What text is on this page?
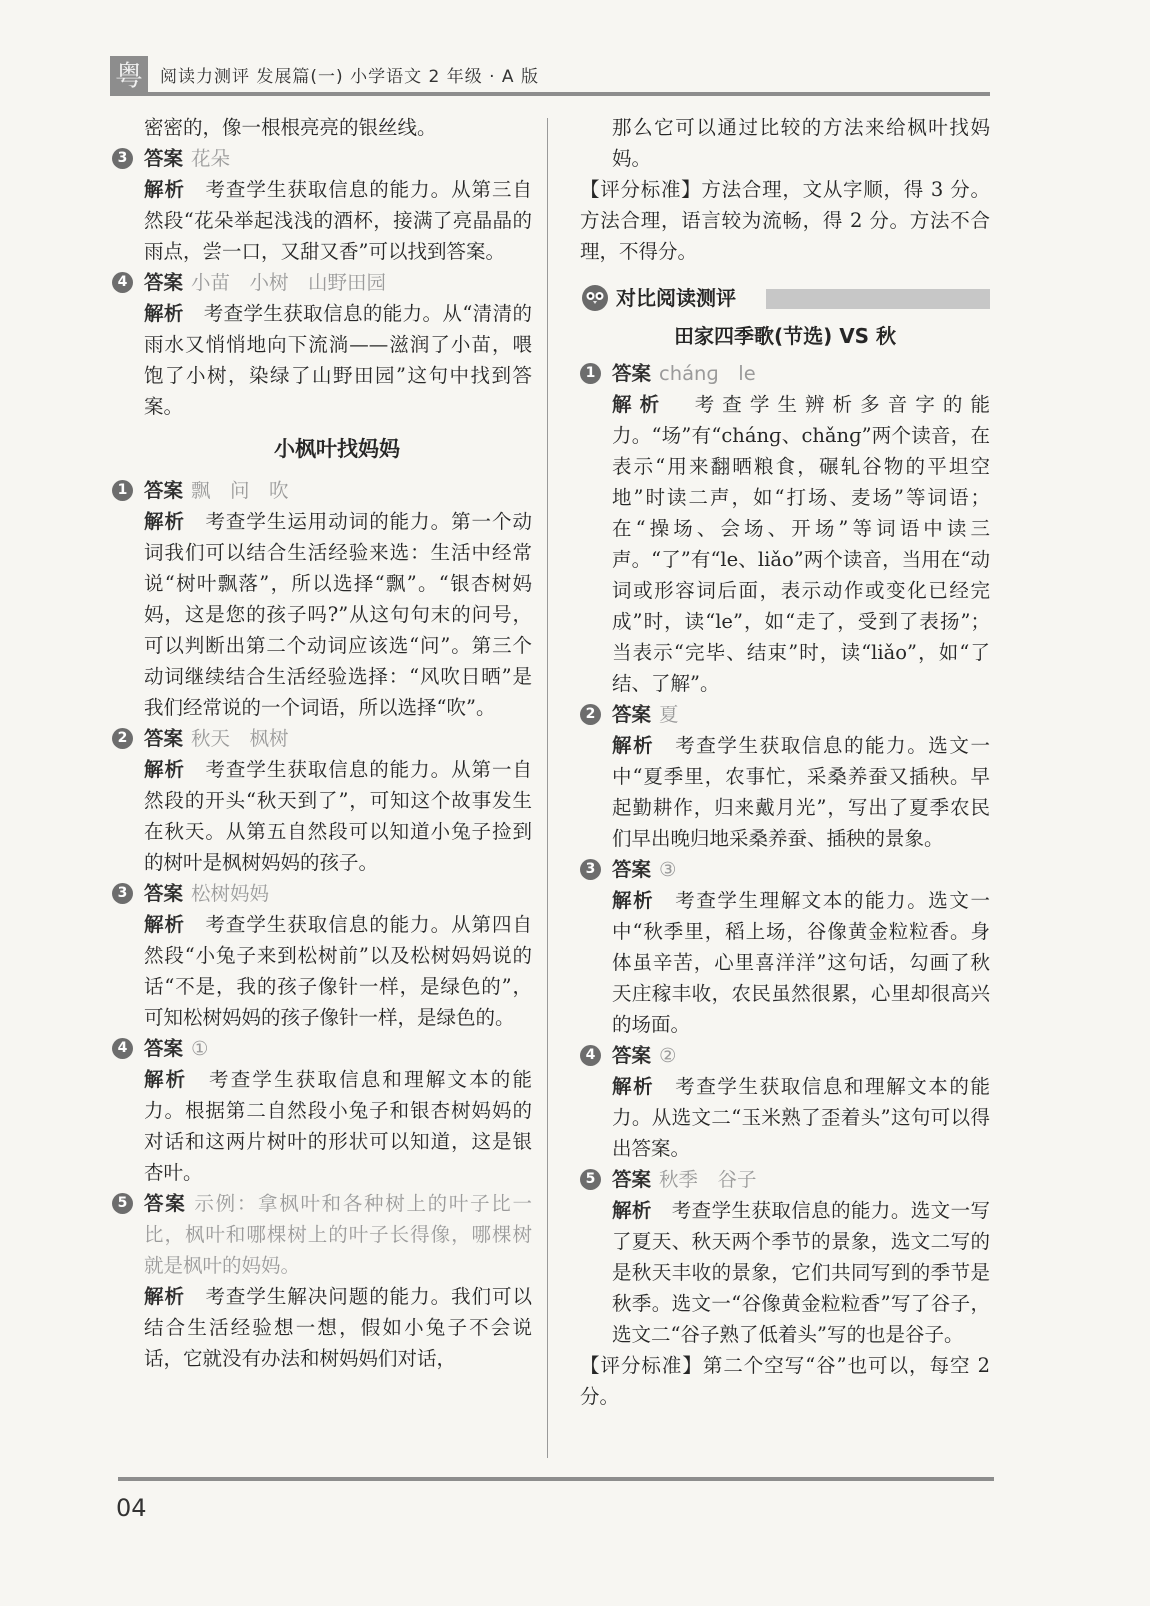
粤 阅读力测评 发展篇(一) 小学语文 2 年级 · A 版

密密的，像一根根亮亮的银丝线。

3 答案 花朵

解析　 考查学生获取信息的能力。从第三自然段“花朵举起浅浅的酒杯，接满了亮晶晶的雨点，尝一口，又甜又香”可以找到答案。

4 答案 小苗　小树　山野田园

解析　 考查学生获取信息的能力。从“清清的雨水又悄悄地向下流淌——滋润了小苗，喂饱了小树，染绿了山野田园”这句中找到答案。

小枫叶找妈妈
1 答案 飘　问　吹

解析　 考查学生运用动词的能力。第一个动词我们可以结合生活经验来选：生活中经常说“树叶飘落”，所以选择“飘”。“银杏树妈妈，这是您的孩子吗?”从这句句末的问号，可以判断出第二个动词应该选“问”。第三个动词继续结合生活经验选择：“风吹日晒”是我们经常说的一个词语，所以选择“吹”。

2 答案 秋天　枫树

解析　 考查学生获取信息的能力。从第一自然段的开头“秋天到了”，可知这个故事发生在秋天。从第五自然段可以知道小兔子捡到的树叶是枫树妈妈的孩子。

3 答案 松树妈妈

解析　 考查学生获取信息的能力。从第四自然段“小兔子来到松树前”以及松树妈妈说的话“不是，我的孩子像针一样，是绿色的”，可知松树妈妈的孩子像针一样，是绿色的。

4 答案 ①

解析　 考查学生获取信息和理解文本的能力。根据第二自然段小兔子和银杏树妈妈的对话和这两片树叶的形状可以知道，这是银杏叶。

5 答案 示例：拿枫叶和各种树上的叶子比一比，枫叶和哪棵树上的叶子长得像，哪棵树就是枫叶的妈妈。

解析　 考查学生解决问题的能力。我们可以结合生活经验想一想，假如小兔子不会说话，它就没有办法和树妈妈们对话，

那么它可以通过比较的方法来给枫叶找妈妈。

【评分标准】方法合理，文从字顺，得 3 分。方法合理，语言较为流畅，得 2 分。方法不合理，不得分。

对比阅读测评
田家四季歌(节选) VS 秋
1 答案 chánɡ　le

解析　 考查学生辨析多音字的能力。“场”有“chánɡ、chǎnɡ”两个读音，在表示“用来翻晒粮食，碾轧谷物的平坦空地”时读二声，如“打场、麦场”等词语；在“操场、会场、开场”等词语中读三声。“了”有“le、liǎo”两个读音，当用在“动词或形容词后面，表示动作或变化已经完成”时，读“le”，如“走了，受到了表扬”；当表示“完毕、结束”时，读“liǎo”，如“了结、了解”。

2 答案 夏

解析　 考查学生获取信息的能力。选文一中“夏季里，农事忙，采桑养蚕又插秧。早起勤耕作，归来戴月光”，写出了夏季农民们早出晚归地采桑养蚕、插秧的景象。

3 答案 ③

解析　 考查学生理解文本的能力。选文一中“秋季里，稻上场，谷像黄金粒粒香。身体虽辛苦，心里喜洋洋”这句话，勾画了秋天庄稼丰收，农民虽然很累，心里却很高兴的场面。

4 答案 ②

解析　 考查学生获取信息和理解文本的能力。从选文二“玉米熟了歪着头”这句可以得出答案。

5 答案 秋季　谷子

解析　 考查学生获取信息的能力。选文一写了夏天、秋天两个季节的景象，选文二写的是秋天丰收的景象，它们共同写到的季节是秋季。选文一“谷像黄金粒粒香”写了谷子，选文二“谷子熟了低着头”写的也是谷子。

【评分标准】第二个空写“谷”也可以，每空 2 分。

04
